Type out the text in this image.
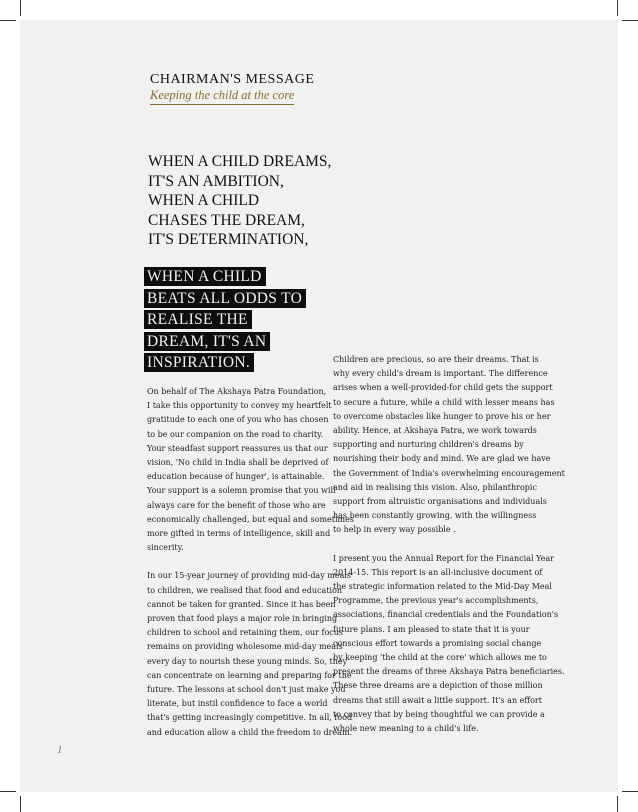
CHAIRMAN'S MESSAGE
Keeping the child at the core
WHEN A CHILD DREAMS,
IT'S AN AMBITION,
WHEN A CHILD
CHASES THE DREAM,
IT'S DETERMINATION,
WHEN A CHILD
BEATS ALL ODDS TO
REALISE THE
DREAM, IT'S AN
INSPIRATION.
On behalf of The Akshaya Patra Foundation,
I take this opportunity to convey my heartfelt
gratitude to each one of you who has chosen
to be our companion on the road to charity.
Your steadfast support reassures us that our
vision, 'No child in India shall be deprived of
education because of hunger', is attainable.
Your support is a solemn promise that you will
always care for the benefit of those who are
economically challenged, but equal and sometimes
more gifted in terms of intelligence, skill and
sincerity.
In our 15-year journey of providing mid-day meals
to children, we realised that food and education
cannot be taken for granted. Since it has been
proven that food plays a major role in bringing
children to school and retaining them, our focus
remains on providing wholesome mid-day meals
every day to nourish these young minds. So, they
can concentrate on learning and preparing for the
future. The lessons at school don't just make you
literate, but instil confidence to face a world
that's getting increasingly competitive. In all, food
and education allow a child the freedom to dream.
Children are precious, so are their dreams. That is
why every child's dream is important. The difference
arises when a well-provided-for child gets the support
to secure a future, while a child with lesser means has
to overcome obstacles like hunger to prove his or her
ability. Hence, at Akshaya Patra, we work towards
supporting and nurturing children's dreams by
nourishing their body and mind. We are glad we have
the Government of India's overwhelming encouragement
and aid in realising this vision. Also, philanthropic
support from altruistic organisations and individuals
has been constantly growing, with the willingness
to help in every way possible .
I present you the Annual Report for the Financial Year
2014-15. This report is an all-inclusive document of
the strategic information related to the Mid-Day Meal
Programme, the previous year's accomplishments,
associations, financial credentials and the Foundation's
future plans. I am pleased to state that it is your
conscious effort towards a promising social change
by keeping 'the child at the core' which allows me to
present the dreams of three Akshaya Patra beneficiaries.
These three dreams are a depiction of those million
dreams that still await a little support. It's an effort
to convey that by being thoughtful we can provide a
whole new meaning to a child's life.
1
